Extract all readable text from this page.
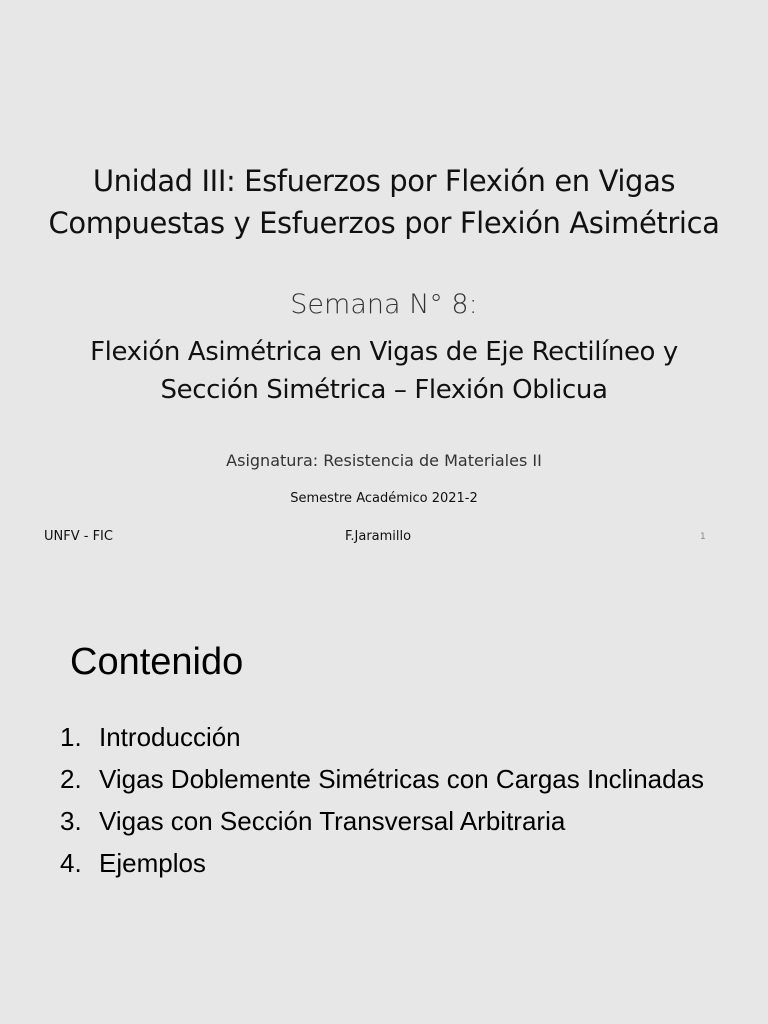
Unidad III: Esfuerzos por Flexión en Vigas
Compuestas y Esfuerzos por Flexión Asimétrica
Semana N° 8:
Flexión Asimétrica en Vigas de Eje Rectilíneo y
Sección Simétrica – Flexión Oblicua
Asignatura: Resistencia de Materiales II
Semestre Académico 2021-2
UNFV - FIC	F.Jaramillo	1
Contenido
1. Introducción
2. Vigas Doblemente Simétricas con Cargas Inclinadas
3. Vigas con Sección Transversal Arbitraria
4. Ejemplos
